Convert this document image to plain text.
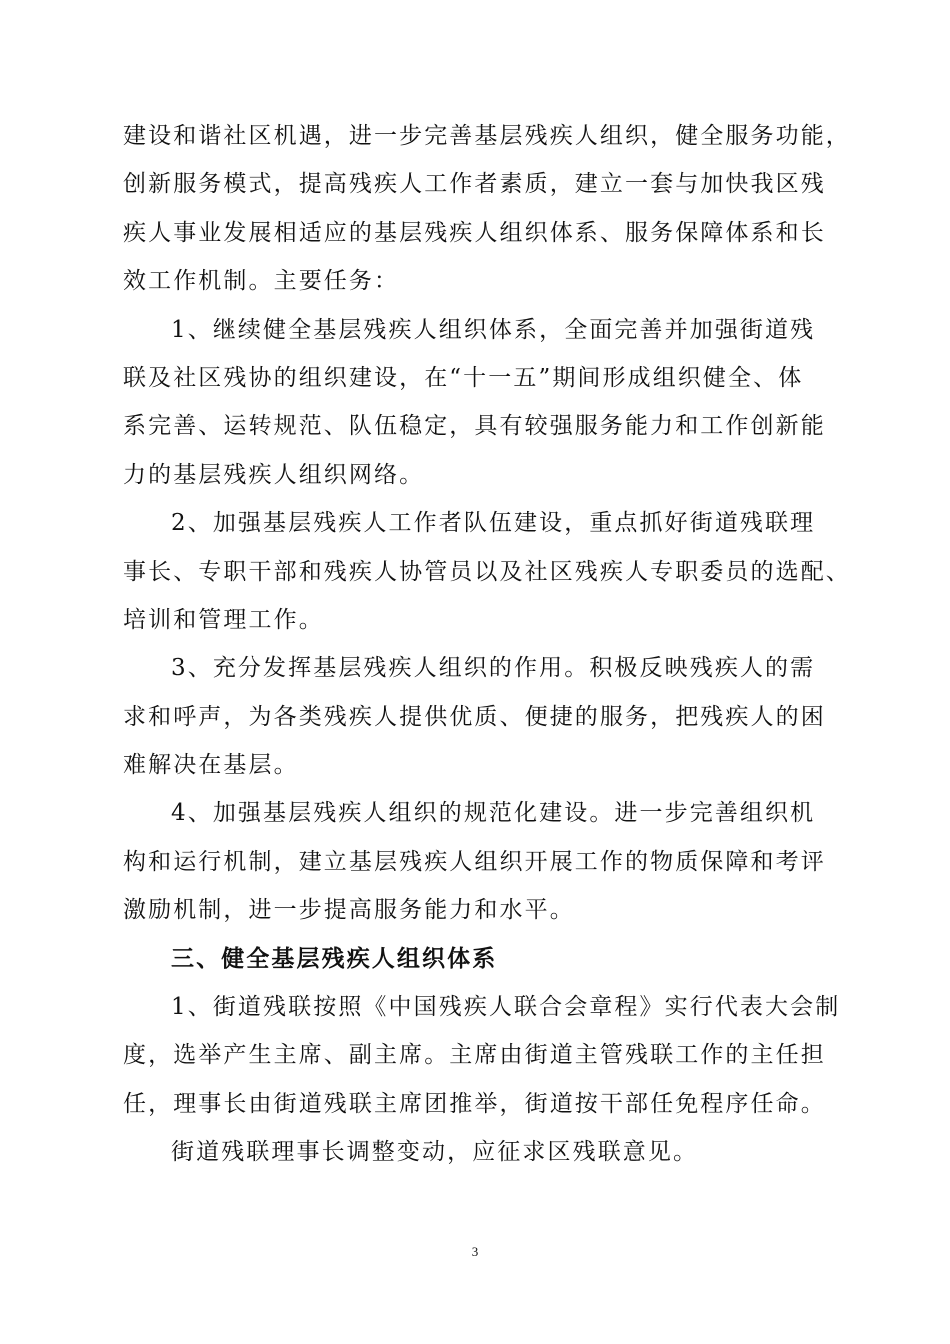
建设和谐社区机遇，进一步完善基层残疾人组织，健全服务功能，
创新服务模式，提高残疾人工作者素质，建立一套与加快我区残
疾人事业发展相适应的基层残疾人组织体系、服务保障体系和长
效工作机制。主要任务：
1、继续健全基层残疾人组织体系，全面完善并加强街道残
联及社区残协的组织建设，在“十一五”期间形成组织健全、体
系完善、运转规范、队伍稳定，具有较强服务能力和工作创新能
力的基层残疾人组织网络。
2、加强基层残疾人工作者队伍建设，重点抓好街道残联理
事长、专职干部和残疾人协管员以及社区残疾人专职委员的选配、
培训和管理工作。
3、充分发挥基层残疾人组织的作用。积极反映残疾人的需
求和呼声，为各类残疾人提供优质、便捷的服务，把残疾人的困
难解决在基层。
4、加强基层残疾人组织的规范化建设。进一步完善组织机
构和运行机制，建立基层残疾人组织开展工作的物质保障和考评
激励机制，进一步提高服务能力和水平。
三、健全基层残疾人组织体系
1、街道残联按照《中国残疾人联合会章程》实行代表大会制
度，选举产生主席、副主席。主席由街道主管残联工作的主任担
任，理事长由街道残联主席团推举，街道按干部任免程序任命。
街道残联理事长调整变动，应征求区残联意见。
3
